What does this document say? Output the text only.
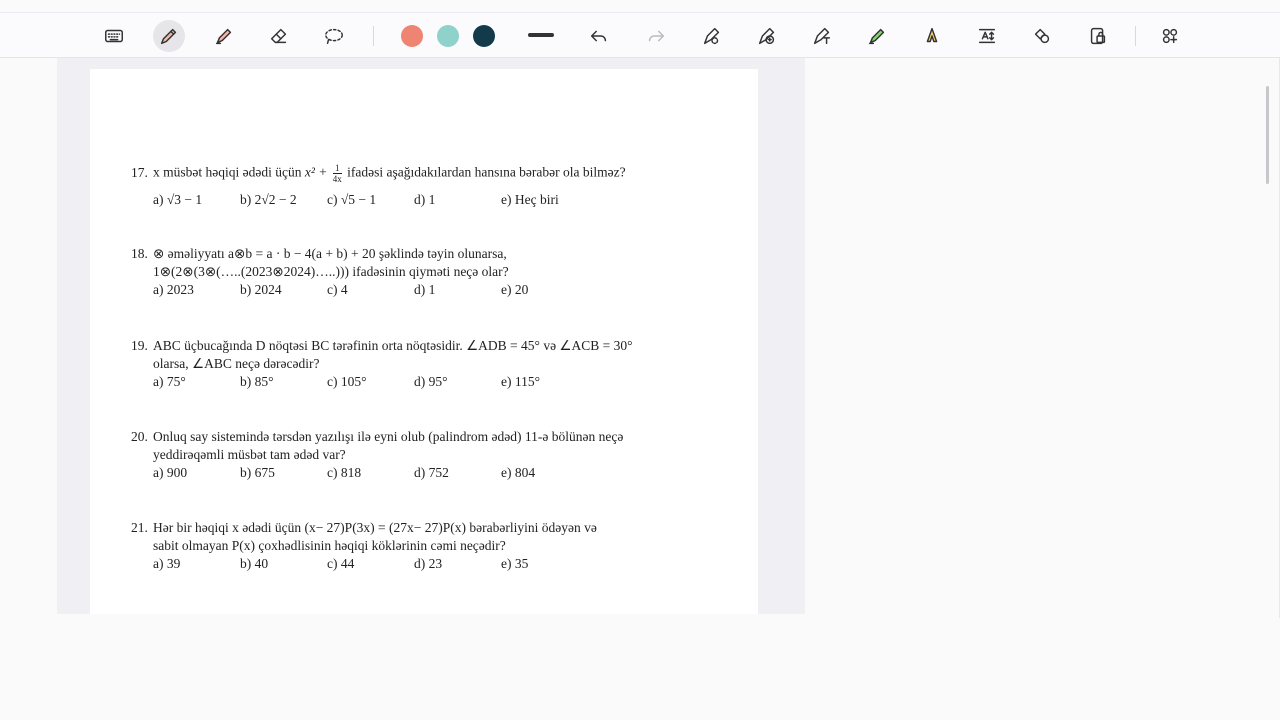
17. x müsbət həqiqi ədədi üçün $x^2 + \frac{1}{4x}$ ifadəsi aşağıdakılardan hansına bərabər ola bilməz?
a) √3 − 1	b) 2√2 − 2 c) √5 − 1	d) 1	e) Heç biri
18. ⊗ əməliyyatı a⊗b = a · b − 4(a + b) + 20 şəklində təyin olunarsa,
1⊗(2⊗(3⊗(…..(2023⊗2024)…..))) ifadəsinin qiyməti neçə olar?
a) 2023	b) 2024	c) 4	d) 1	e) 20
19. ABC üçbucağında D nöqtəsi BC tərəfinin orta nöqtəsidir. ∠ADB = 45° və ∠ACB = 30°
olarsa, ∠ABC neçə dərəcədir?
a) 75°	b) 85°	c) 105°	d) 95°	e) 115°
20. Onluq say sistemində tərsdən yazılışı ilə eyni olub (palindrom ədəd) 11-ə bölünən neçə
yeddirəqəmli müsbət tam ədəd var?
a) 900	b) 675	c) 818	d) 752	e) 804
21. Hər bir həqiqi x ədədi üçün (x− 27)P(3x) = (27x− 27)P(x) bərabərliyini ödəyən və
sabit olmayan P(x) çoxhədlisinin həqiqi köklərinin cəmi neçədir?
a) 39	b) 40	c) 44	d) 23	e) 35
